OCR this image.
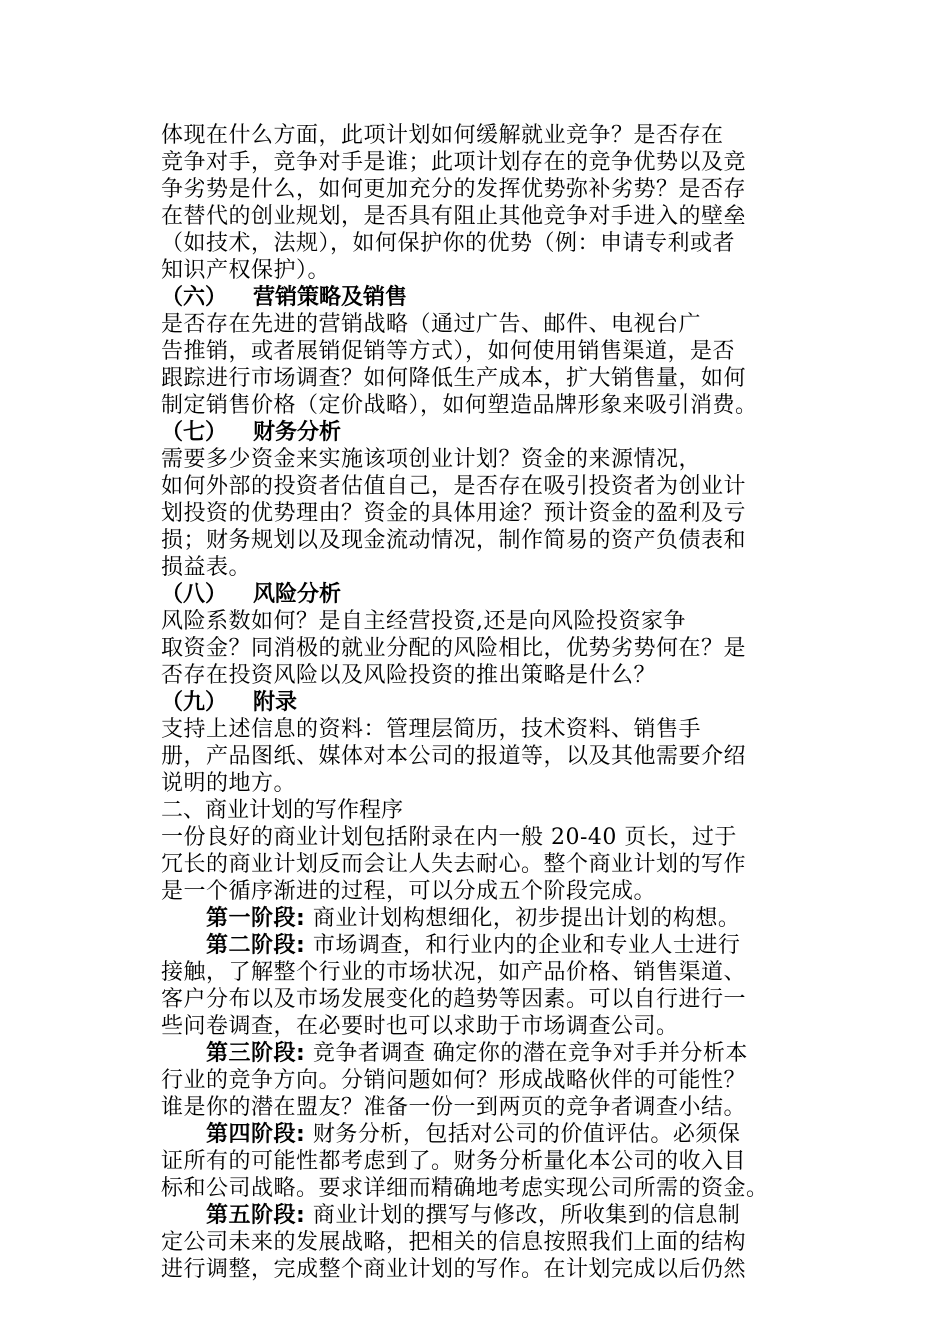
体现在什么方面，此项计划如何缓解就业竞争？是否存在
竞争对手，竞争对手是谁；此项计划存在的竞争优势以及竞
争劣势是什么，如何更加充分的发挥优势弥补劣势？是否存
在替代的创业规划，是否具有阻止其他竞争对手进入的壁垒
（如技术，法规），如何保护你的优势（例：申请专利或者
知识产权保护）。
（六） 营销策略及销售
是否存在先进的营销战略（通过广告、邮件、电视台广
告推销，或者展销促销等方式），如何使用销售渠道，是否
跟踪进行市场调查？如何降低生产成本，扩大销售量，如何
制定销售价格（定价战略），如何塑造品牌形象来吸引消费。
（七） 财务分析
需要多少资金来实施该项创业计划？资金的来源情况，
如何外部的投资者估值自己，是否存在吸引投资者为创业计
划投资的优势理由？资金的具体用途？预计资金的盈利及亏
损；财务规划以及现金流动情况，制作简易的资产负债表和
损益表。
（八） 风险分析
风险系数如何？是自主经营投资,还是向风险投资家争
取资金？同消极的就业分配的风险相比，优势劣势何在？是
否存在投资风险以及风险投资的推出策略是什么？
（九） 附录
支持上述信息的资料：管理层简历，技术资料、销售手
册，产品图纸、媒体对本公司的报道等，以及其他需要介绍
说明的地方。
二、商业计划的写作程序
一份良好的商业计划包括附录在内一般 20-40 页长，过于
冗长的商业计划反而会让人失去耐心。整个商业计划的写作
是一个循序渐进的过程，可以分成五个阶段完成。
　　第一阶段: 商业计划构想细化，初步提出计划的构想。
　　第二阶段: 市场调查，和行业内的企业和专业人士进行
接触，了解整个行业的市场状况，如产品价格、销售渠道、
客户分布以及市场发展变化的趋势等因素。可以自行进行一
些问卷调查，在必要时也可以求助于市场调查公司。
　　第三阶段: 竞争者调查 确定你的潜在竞争对手并分析本
行业的竞争方向。分销问题如何？形成战略伙伴的可能性？
谁是你的潜在盟友？准备一份一到两页的竞争者调查小结。
　　第四阶段: 财务分析，包括对公司的价值评估。必须保
证所有的可能性都考虑到了。财务分析量化本公司的收入目
标和公司战略。要求详细而精确地考虑实现公司所需的资金。
　　第五阶段: 商业计划的撰写与修改，所收集到的信息制
定公司未来的发展战略，把相关的信息按照我们上面的结构
进行调整，完成整个商业计划的写作。在计划完成以后仍然
